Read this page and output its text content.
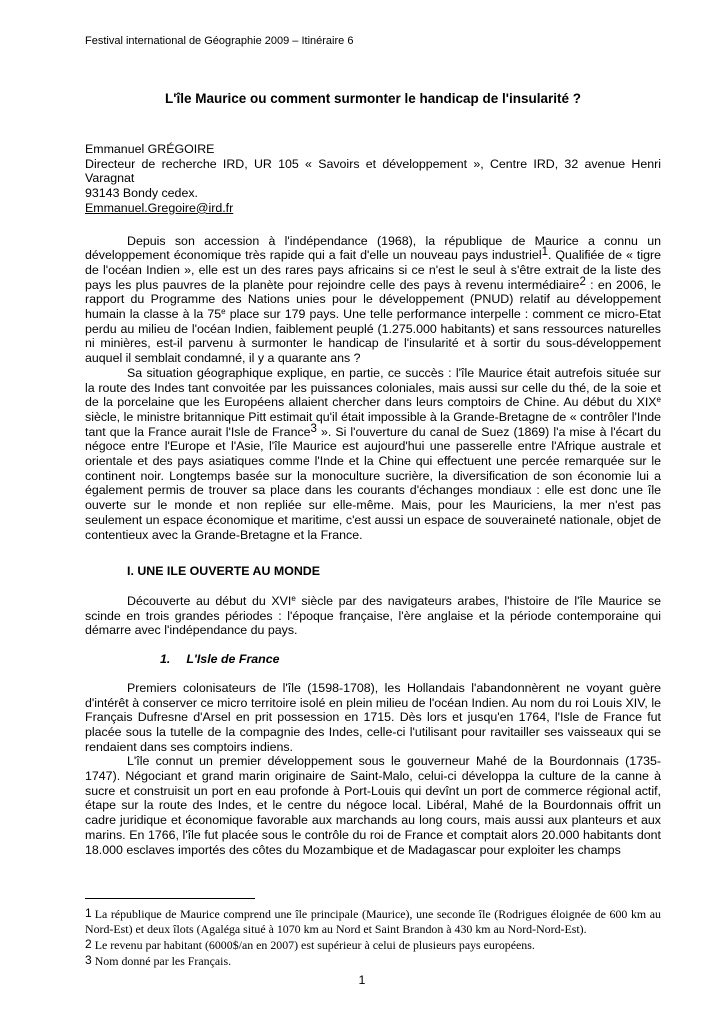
Festival international de Géographie 2009 – Itinéraire 6
L'île Maurice ou comment surmonter le handicap de l'insularité ?
Emmanuel GRÉGOIRE
Directeur de recherche IRD, UR 105 « Savoirs et développement », Centre IRD, 32 avenue Henri Varagnat
93143 Bondy cedex.
Emmanuel.Gregoire@ird.fr

Depuis son accession à l'indépendance (1968), la république de Maurice a connu un développement économique très rapide qui a fait d'elle un nouveau pays industriel$^1$. Qualifiée de « tigre de l'océan Indien », elle est un des rares pays africains si ce n'est le seul à s'être extrait de la liste des pays les plus pauvres de la planète pour rejoindre celle des pays à revenu intermédiaire$^2$ : en 2006, le rapport du Programme des Nations unies pour le développement (PNUD) relatif au développement humain la classe à la 75e place sur 179 pays. Une telle performance interpelle : comment ce micro-Etat perdu au milieu de l'océan Indien, faiblement peuplé (1.275.000 habitants) et sans ressources naturelles ni minières, est-il parvenu à surmonter le handicap de l'insularité et à sortir du sous-développement auquel il semblait condamné, il y a quarante ans ?

Sa situation géographique explique, en partie, ce succès : l'île Maurice était autrefois située sur la route des Indes tant convoitée par les puissances coloniales, mais aussi sur celle du thé, de la soie et de la porcelaine que les Européens allaient chercher dans leurs comptoirs de Chine. Au début du XIXe siècle, le ministre britannique Pitt estimait qu'il était impossible à la Grande-Bretagne de « contrôler l'Inde tant que la France aurait l'Isle de France$^3$ ». Si l'ouverture du canal de Suez (1869) l'a mise à l'écart du négoce entre l'Europe et l'Asie, l'île Maurice est aujourd'hui une passerelle entre l'Afrique australe et orientale et des pays asiatiques comme l'Inde et la Chine qui effectuent une percée remarquée sur le continent noir. Longtemps basée sur la monoculture sucrière, la diversification de son économie lui a également permis de trouver sa place dans les courants d'échanges mondiaux : elle est donc une île ouverte sur le monde et non repliée sur elle-même. Mais, pour les Mauriciens, la mer n'est pas seulement un espace économique et maritime, c'est aussi un espace de souveraineté nationale, objet de contentieux avec la Grande-Bretagne et la France.

I. UNE ILE OUVERTE AU MONDE

Découverte au début du XVIe siècle par des navigateurs arabes, l'histoire de l'île Maurice se scinde en trois grandes périodes : l'époque française, l'ère anglaise et la période contemporaine qui démarre avec l'indépendance du pays.

1. L'Isle de France

Premiers colonisateurs de l'île (1598-1708), les Hollandais l'abandonnèrent ne voyant guère d'intérêt à conserver ce micro territoire isolé en plein milieu de l'océan Indien. Au nom du roi Louis XIV, le Français Dufresne d'Arsel en prit possession en 1715. Dès lors et jusqu'en 1764, l'Isle de France fut placée sous la tutelle de la compagnie des Indes, celle-ci l'utilisant pour ravitailler ses vaisseaux qui se rendaient dans ses comptoirs indiens.

L'île connut un premier développement sous le gouverneur Mahé de la Bourdonnais (1735-1747). Négociant et grand marin originaire de Saint-Malo, celui-ci développa la culture de la canne à sucre et construisit un port en eau profonde à Port-Louis qui devînt un port de commerce régional actif, étape sur la route des Indes, et le centre du négoce local. Libéral, Mahé de la Bourdonnais offrit un cadre juridique et économique favorable aux marchands au long cours, mais aussi aux planteurs et aux marins. En 1766, l'île fut placée sous le contrôle du roi de France et comptait alors 20.000 habitants dont 18.000 esclaves importés des côtes du Mozambique et de Madagascar pour exploiter les champs

1 La république de Maurice comprend une île principale (Maurice), une seconde île (Rodrigues éloignée de 600 km au Nord-Est) et deux îlots (Agaléga situé à 1070 km au Nord et Saint Brandon à 430 km au Nord-Nord-Est).
2 Le revenu par habitant (6000$/an en 2007) est supérieur à celui de plusieurs pays européens.
3 Nom donné par les Français.
1
